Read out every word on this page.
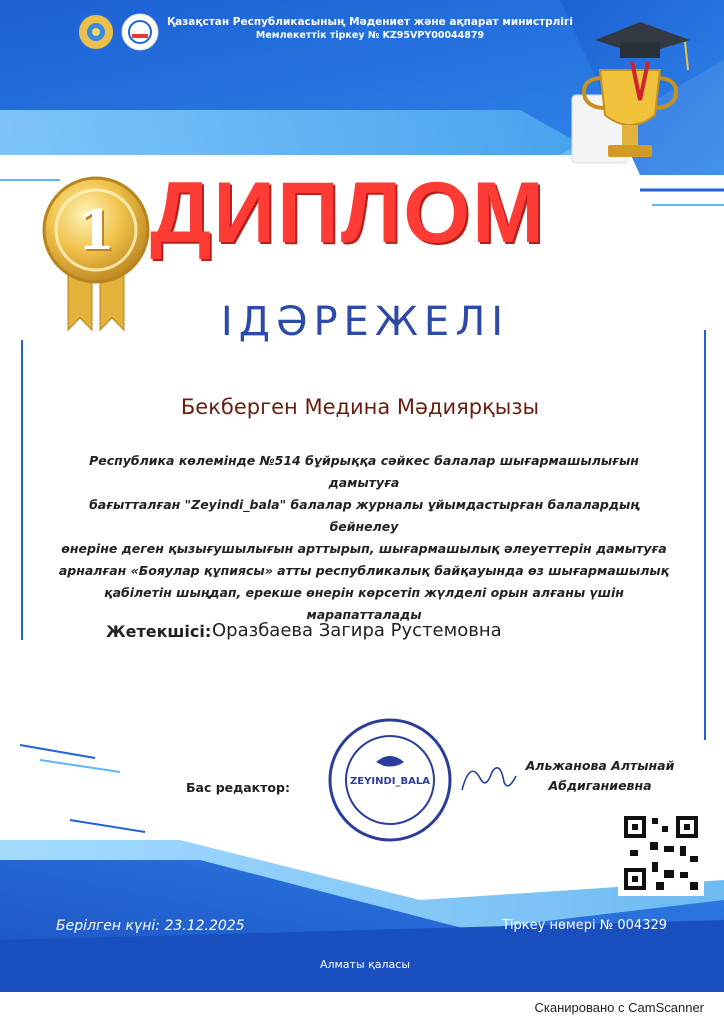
Қазақстан Республикасының Мәдениет және ақпарат министрлігі
Мемлекеттік тіркеу № KZ95VPY00044879
1 ДИПЛОМ
ІДӘРЕЖЕЛІ
Бекберген Медина Мәдиярқызы
Республика көлемінде №514 бұйрыққа сәйкес балалар шығармашылығын дамытуға
бағытталған "Zeyindi_bala" балалар журналы ұйымдастырған балалардың бейнелеу
өнеріне деген қызығушылығын арттырып, шығармашылық әлеуеттерін дамытуға
арналған «Бояулар құпиясы» атты республикалық байқауында өз шығармашылық
қабілетін шыңдап, ерекше өнерін көрсетіп жүлделі орын алғаны үшін
марапатталады
Жетекшісі: Оразбаева Загира Рустемовна
Бас редактор:
Альжанова Алтынай
Абдиганиевна
ZEYINDI_BALA
Берілген күні: 23.12.2025	Тіркеу нөмері № 004329
Алматы қаласы
Сканировано с CamScanner
